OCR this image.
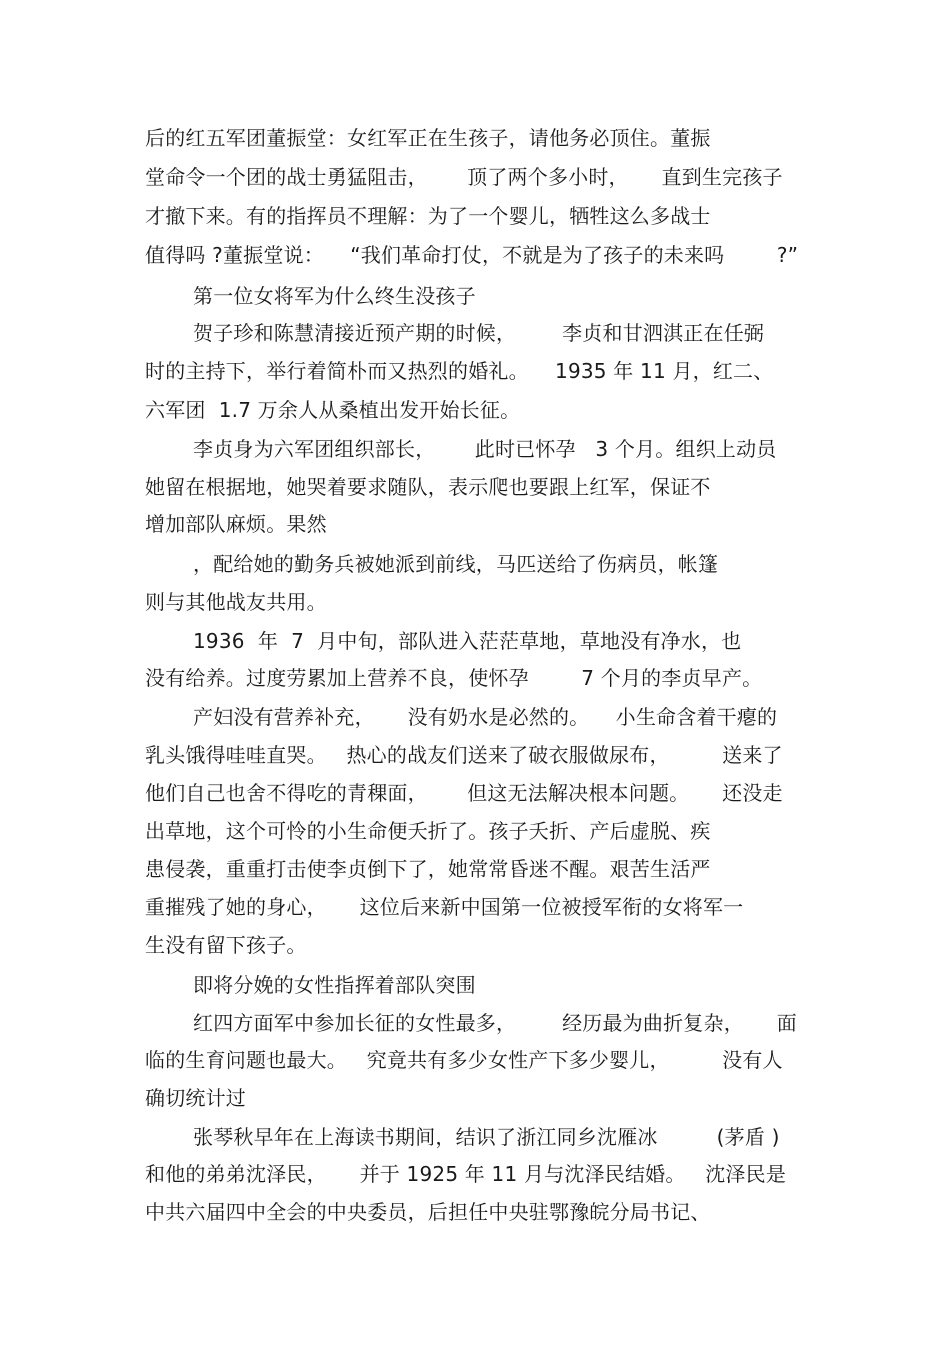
后的红五军团董振堂：女红军正在生孩子，请他务必顶住。董振
堂命令一个团的战士勇猛阻击，      顶了两个多小时，     直到生完孩子
才撤下来。有的指挥员不理解：为了一个婴儿，牺牲这么多战士
值得吗 ?董振堂说：    “我们革命打仗，不就是为了孩子的未来吗        ?”
第一位女将军为什么终生没孩子
贺子珍和陈慧清接近预产期的时候，       李贞和甘泗淇正在任弼
时的主持下，举行着简朴而又热烈的婚礼。    1935 年 11 月，红二、
六军团  1.7 万余人从桑植出发开始长征。
李贞身为六军团组织部长，      此时已怀孕   3 个月。组织上动员
她留在根据地，她哭着要求随队，表示爬也要跟上红军，保证不
增加部队麻烦。果然
，配给她的勤务兵被她派到前线，马匹送给了伤病员，帐篷
则与其他战友共用。
1936  年  7  月中旬，部队进入茫茫草地，草地没有净水，也
没有给养。过度劳累加上营养不良，使怀孕        7 个月的李贞早产。
产妇没有营养补充，     没有奶水是必然的。    小生命含着干瘪的
乳头饿得哇哇直哭。   热心的战友们送来了破衣服做尿布，        送来了
他们自己也舍不得吃的青稞面，      但这无法解决根本问题。     还没走
出草地，这个可怜的小生命便夭折了。孩子夭折、产后虚脱、疾
患侵袭，重重打击使李贞倒下了，她常常昏迷不醒。艰苦生活严
重摧残了她的身心，     这位后来新中国第一位被授军衔的女将军一
生没有留下孩子。
即将分娩的女性指挥着部队突围
红四方面军中参加长征的女性最多，       经历最为曲折复杂，     面
临的生育问题也最大。   究竟共有多少女性产下多少婴儿，        没有人
确切统计过
张琴秋早年在上海读书期间，结识了浙江同乡沈雁冰         (茅盾 )
和他的弟弟沈泽民，     并于 1925 年 11 月与沈泽民结婚。   沈泽民是
中共六届四中全会的中央委员，后担任中央驻鄂豫皖分局书记、
